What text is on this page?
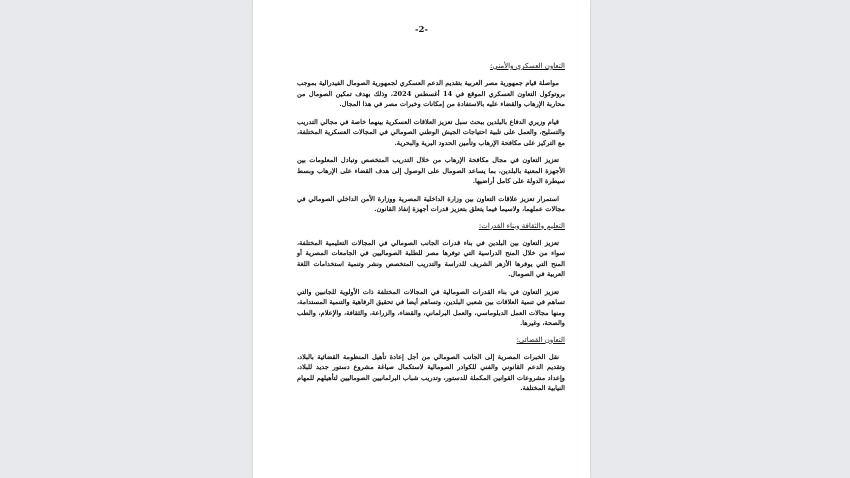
-2-
التعاون العسكري والأمني:

مواصلة قيام جمهورية مصر العربية بتقديم الدعم العسكري لجمهورية الصومال الفيدرالية بموجب بروتوكول التعاون العسكري الموقع في 14 أغسطس 2024، وذلك بهدف تمكين الصومال من محاربة الإرهاب والقضاء عليه بالاستفادة من إمكانات وخبرات مصر في هذا المجال.

قيام وزيري الدفاع بالبلدين ببحث سبل تعزيز العلاقات العسكرية بينهما خاصة في مجالي التدريب والتسليح، والعمل على تلبية احتياجات الجيش الوطني الصومالي في المجالات العسكرية المختلفة، مع التركيز على مكافحة الإرهاب وتأمين الحدود البرية والبحرية.

تعزيز التعاون في مجال مكافحة الإرهاب من خلال التدريب المتخصص وتبادل المعلومات بين الأجهزة المعنية بالبلدين، بما يساعد الصومال على الوصول إلى هدف القضاء على الإرهاب وبسط سيطرة الدولة على كامل أراضيها.

استمرار تعزيز علاقات التعاون بين وزارة الداخلية المصرية ووزارة الأمن الداخلي الصومالي في مجالات عملهما، ولاسيما فيما يتعلق بتعزيز قدرات أجهزة إنفاذ القانون.

التعليم والثقافة وبناء القدرات:

تعزيز التعاون بين البلدين في بناء قدرات الجانب الصومالي في المجالات التعليمية المختلفة، سواء من خلال المنح الدراسية التي توفرها مصر للطلبة الصوماليين في الجامعات المصرية أو المنح التي يوفرها الأزهر الشريف للدراسة والتدريب المتخصص ونشر وتنمية استخدامات اللغة العربية في الصومال.

تعزيز التعاون في بناء القدرات الصومالية في المجالات المختلفة ذات الأولوية للجانبين والتي تساهم في تنمية العلاقات بين شعبي البلدين، وتساهم أيضا في تحقيق الرفاهية والتنمية المستدامة، ومنها مجالات العمل الدبلوماسي، والعمل البرلماني، والقضاء، والزراعة، والثقافة، والإعلام، والطب والصحة، وغيرها.

التعاون القضائي:

نقل الخبرات المصرية إلى الجانب الصومالي من أجل إعادة تأهيل المنظومة القضائية بالبلاد، وتقديم الدعم القانوني والفني للكوادر الصومالية لاستكمال صياغة مشروع دستور جديد للبلاد، وإعداد مشروعات القوانين المكملة للدستور، وتدريب شباب البرلمانيين الصوماليين لتأهيلهم للمهام النيابية المختلفة.
